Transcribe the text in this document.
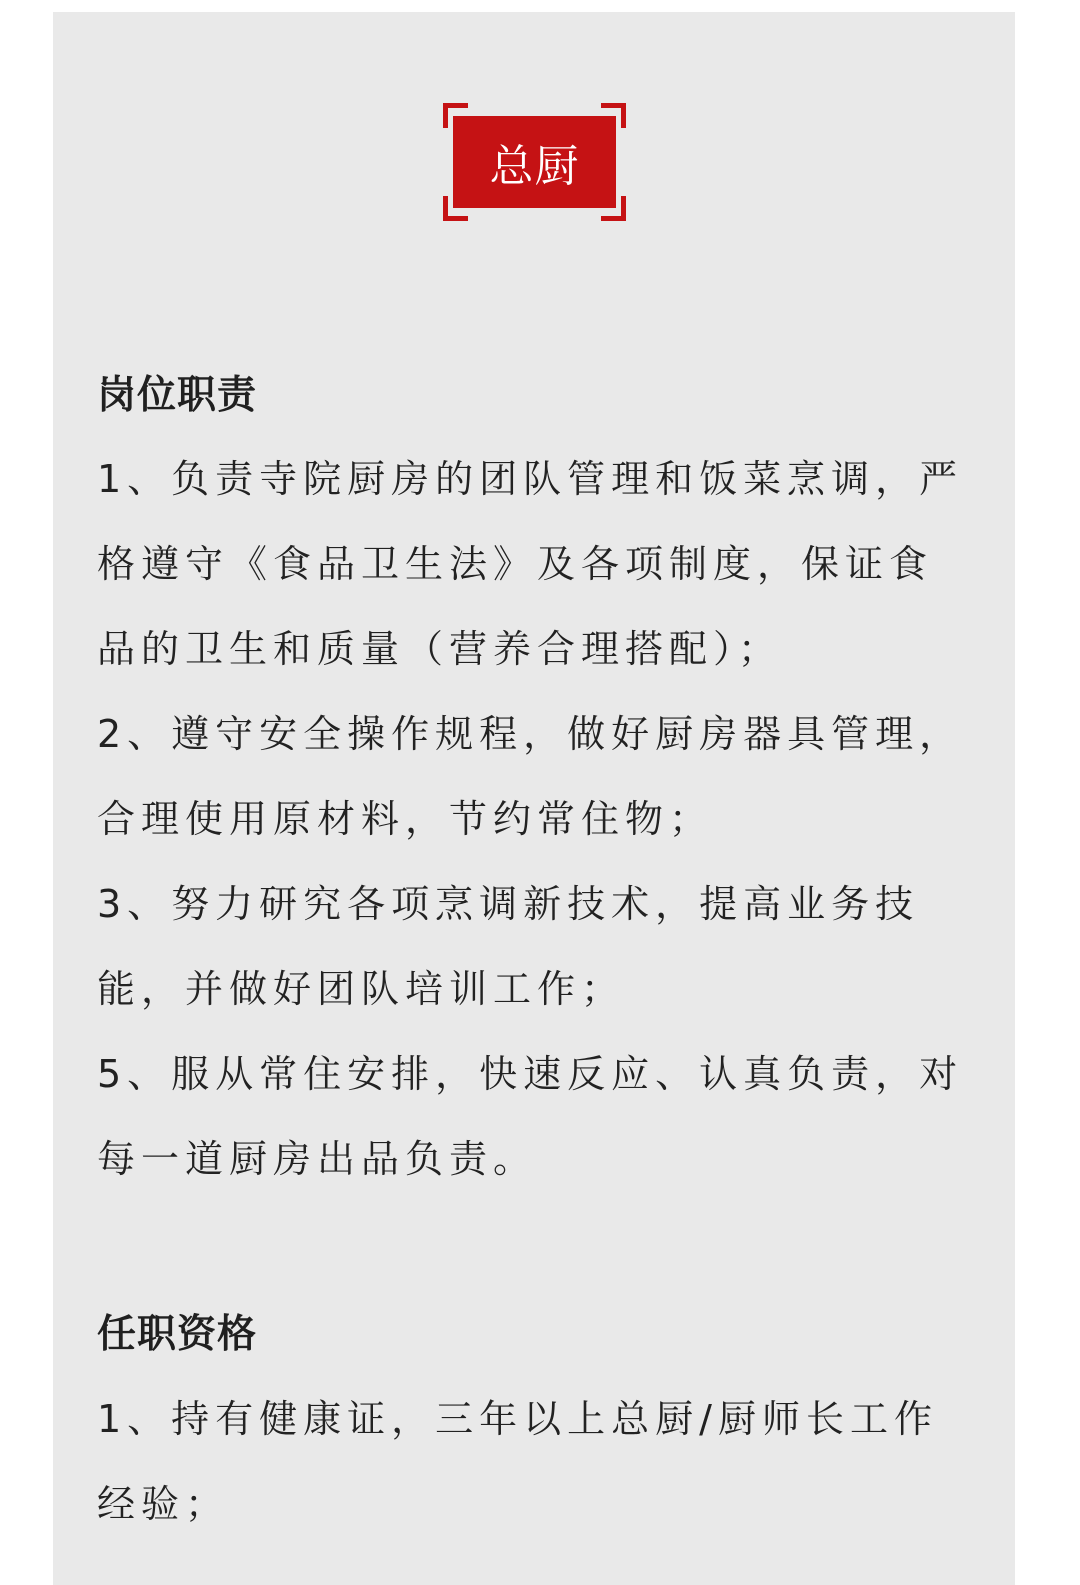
总厨
岗位职责

1、负责寺院厨房的团队管理和饭菜烹调，严格遵守《食品卫生法》及各项制度，保证食品的卫生和质量（营养合理搭配）；

2、遵守安全操作规程，做好厨房器具管理，合理使用原材料，节约常住物；

3、努力研究各项烹调新技术，提高业务技能，并做好团队培训工作；

5、服从常住安排，快速反应、认真负责，对每一道厨房出品负责。

任职资格

1、持有健康证，三年以上总厨/厨师长工作经验；
